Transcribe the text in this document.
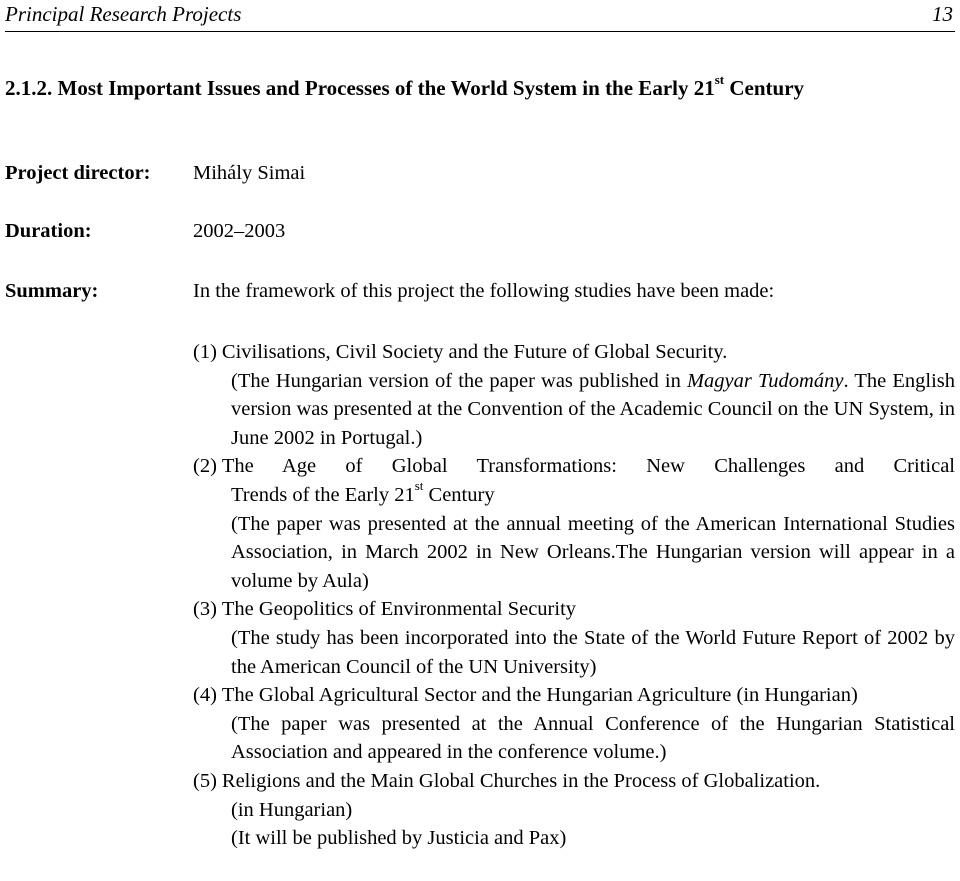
Principal Research Projects	13
2.1.2. Most Important Issues and Processes of the World System in the Early 21st Century
Project director: Mihály Simai
Duration:	2002–2003
Summary:	In the framework of this project the following studies have been made:
(1) Civilisations, Civil Society and the Future of Global Security.
(The Hungarian version of the paper was published in Magyar Tudomány. The English version was presented at the Convention of the Academic Council on the UN System, in June 2002 in Portugal.)
(2) The Age of Global Transformations: New Challenges and Critical
Trends of the Early 21st Century
(The paper was presented at the annual meeting of the American International Studies Association, in March 2002 in New Orleans.The Hungarian version will appear in a volume by Aula)
(3) The Geopolitics of Environmental Security
(The study has been incorporated into the State of the World Future Report of 2002 by the American Council of the UN University)
(4) The Global Agricultural Sector and the Hungarian Agriculture (in Hungarian)
(The paper was presented at the Annual Conference of the Hungarian Statistical Association and appeared in the conference volume.)
(5) Religions and the Main Global Churches in the Process of Globalization.
(in Hungarian)
(It will be published by Justicia and Pax)
